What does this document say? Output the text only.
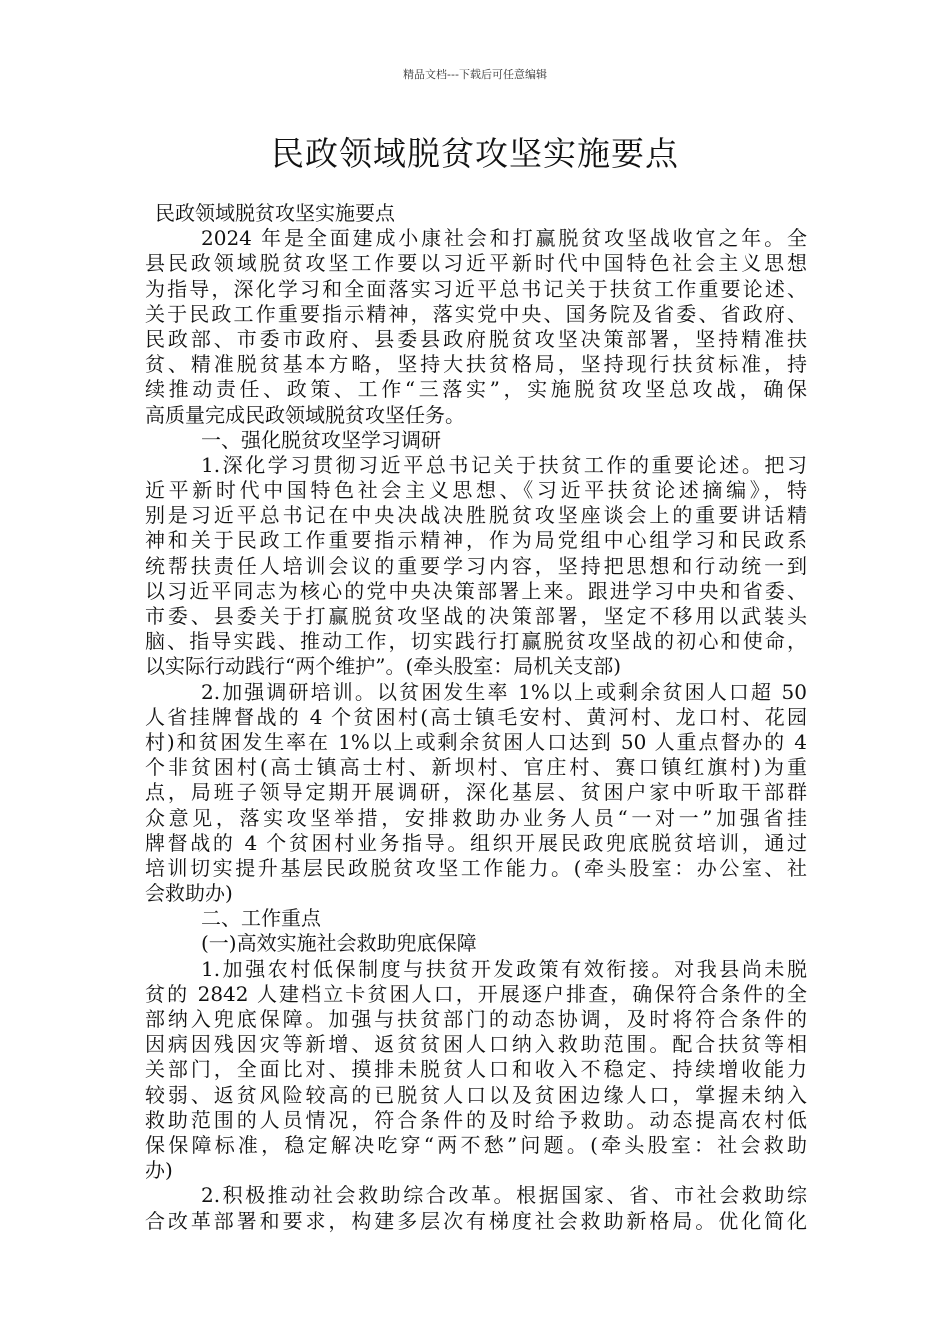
精品文档---下载后可任意编辑
民政领域脱贫攻坚实施要点
民政领域脱贫攻坚实施要点
2024 年是全面建成小康社会和打赢脱贫攻坚战收官之年。全
县民政领域脱贫攻坚工作要以习近平新时代中国特色社会主义思想
为指导，深化学习和全面落实习近平总书记关于扶贫工作重要论述、
关于民政工作重要指示精神，落实党中央、国务院及省委、省政府、
民政部、市委市政府、县委县政府脱贫攻坚决策部署，坚持精准扶
贫、精准脱贫基本方略，坚持大扶贫格局，坚持现行扶贫标准，持
续推动责任、政策、工作“三落实”，实施脱贫攻坚总攻战，确保
高质量完成民政领域脱贫攻坚任务。
一、强化脱贫攻坚学习调研
1.深化学习贯彻习近平总书记关于扶贫工作的重要论述。把习
近平新时代中国特色社会主义思想、《习近平扶贫论述摘编》，特
别是习近平总书记在中央决战决胜脱贫攻坚座谈会上的重要讲话精
神和关于民政工作重要指示精神，作为局党组中心组学习和民政系
统帮扶责任人培训会议的重要学习内容，坚持把思想和行动统一到
以习近平同志为核心的党中央决策部署上来。跟进学习中央和省委、
市委、县委关于打赢脱贫攻坚战的决策部署，坚定不移用以武装头
脑、指导实践、推动工作，切实践行打赢脱贫攻坚战的初心和使命，
以实际行动践行“两个维护”。(牵头股室：局机关支部)
2.加强调研培训。以贫困发生率 1%以上或剩余贫困人口超 50
人省挂牌督战的 4 个贫困村(高士镇毛安村、黄河村、龙口村、花园
村)和贫困发生率在 1%以上或剩余贫困人口达到 50 人重点督办的 4
个非贫困村(高士镇高士村、新坝村、官庄村、赛口镇红旗村)为重
点，局班子领导定期开展调研，深化基层、贫困户家中听取干部群
众意见，落实攻坚举措，安排救助办业务人员“一对一”加强省挂
牌督战的 4 个贫困村业务指导。组织开展民政兜底脱贫培训，通过
培训切实提升基层民政脱贫攻坚工作能力。(牵头股室：办公室、社
会救助办)
二、工作重点
(一)高效实施社会救助兜底保障
1.加强农村低保制度与扶贫开发政策有效衔接。对我县尚未脱
贫的 2842 人建档立卡贫困人口，开展逐户排查，确保符合条件的全
部纳入兜底保障。加强与扶贫部门的动态协调，及时将符合条件的
因病因残因灾等新增、返贫贫困人口纳入救助范围。配合扶贫等相
关部门，全面比对、摸排未脱贫人口和收入不稳定、持续增收能力
较弱、返贫风险较高的已脱贫人口以及贫困边缘人口，掌握未纳入
救助范围的人员情况，符合条件的及时给予救助。动态提高农村低
保保障标准，稳定解决吃穿“两不愁”问题。(牵头股室：社会救助
办)
2.积极推动社会救助综合改革。根据国家、省、市社会救助综
合改革部署和要求，构建多层次有梯度社会救助新格局。优化简化
